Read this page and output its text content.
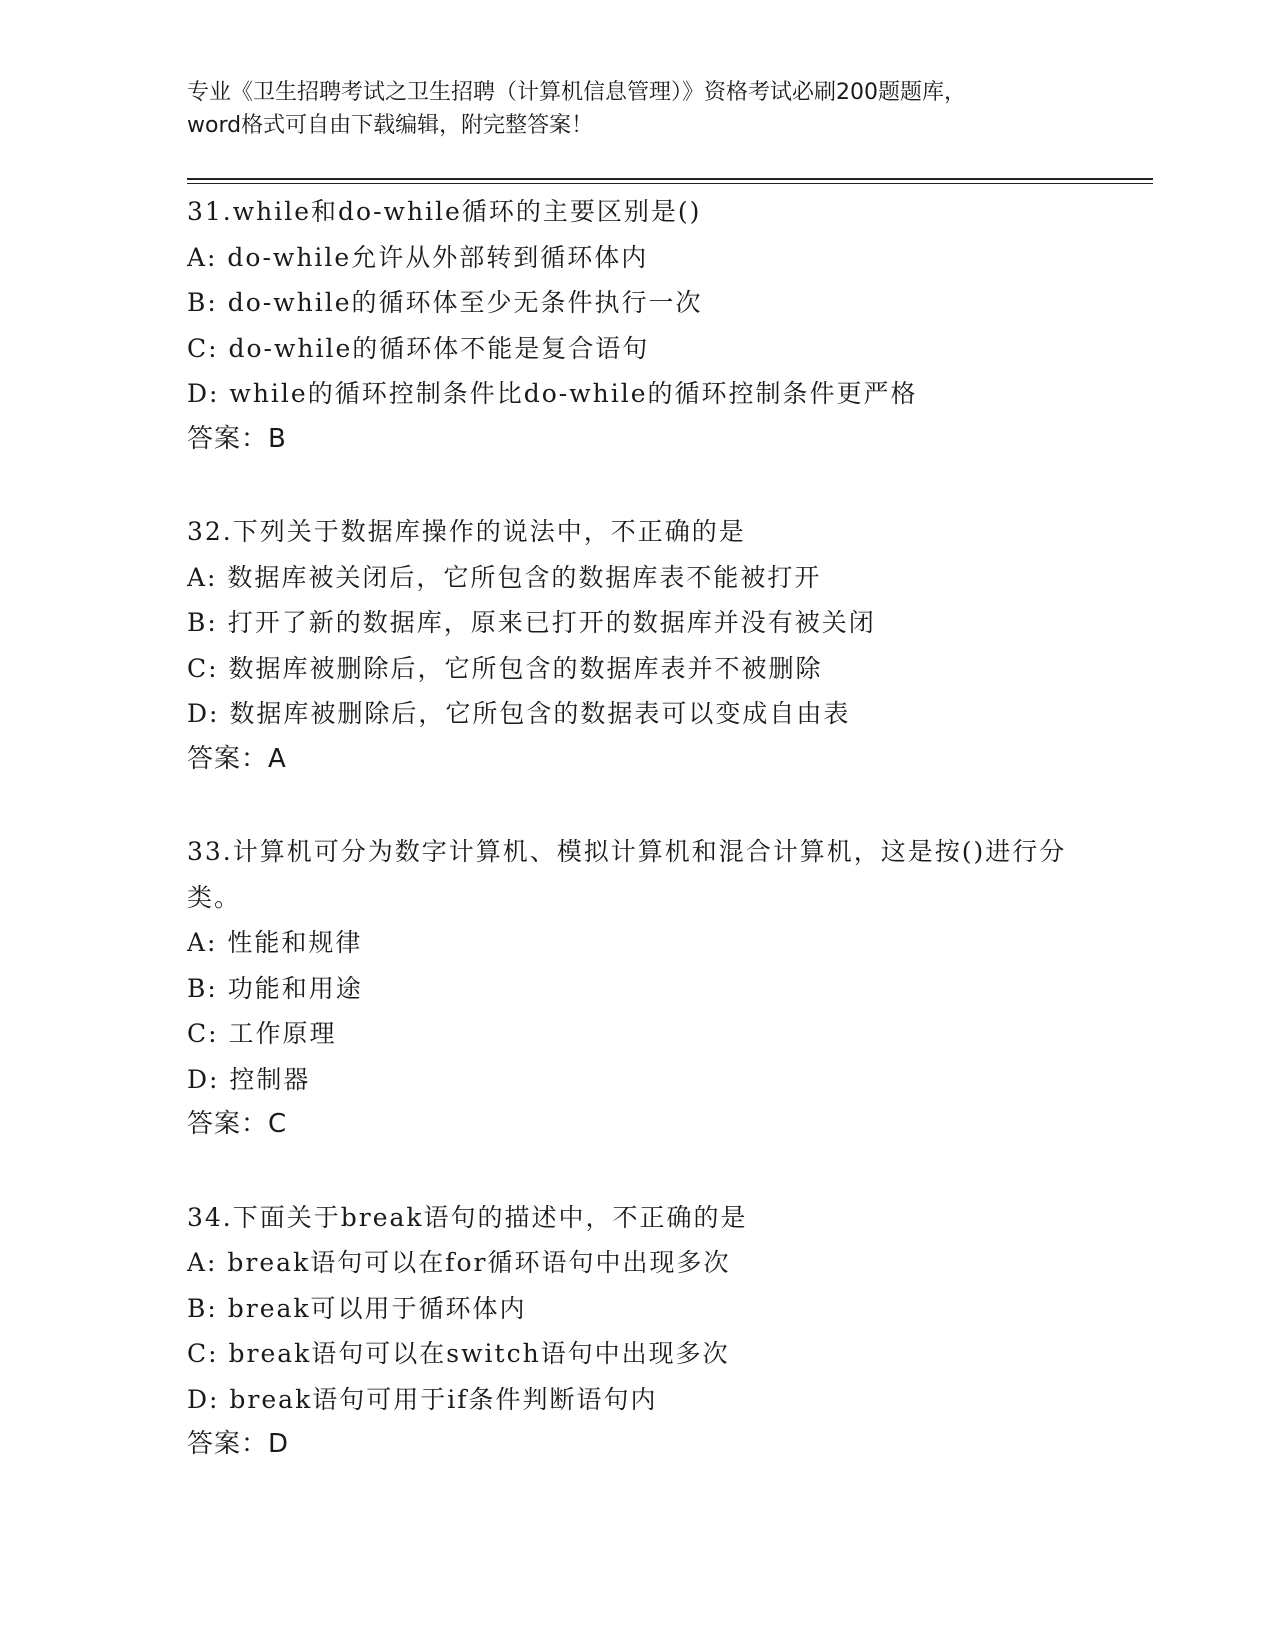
专业《卫生招聘考试之卫生招聘（计算机信息管理）》资格考试必刷200题题库，
word格式可自由下载编辑，附完整答案！
31.while和do-while循环的主要区别是()
A: do-while允许从外部转到循环体内
B: do-while的循环体至少无条件执行一次
C: do-while的循环体不能是复合语句
D: while的循环控制条件比do-while的循环控制条件更严格
答案：B
32.下列关于数据库操作的说法中，不正确的是
A: 数据库被关闭后，它所包含的数据库表不能被打开
B: 打开了新的数据库，原来已打开的数据库并没有被关闭
C: 数据库被删除后，它所包含的数据库表并不被删除
D: 数据库被删除后，它所包含的数据表可以变成自由表
答案：A
33.计算机可分为数字计算机、模拟计算机和混合计算机，这是按()进行分类。
A: 性能和规律
B: 功能和用途
C: 工作原理
D: 控制器
答案：C
34.下面关于break语句的描述中，不正确的是
A: break语句可以在for循环语句中出现多次
B: break可以用于循环体内
C: break语句可以在switch语句中出现多次
D: break语句可用于if条件判断语句内
答案：D
